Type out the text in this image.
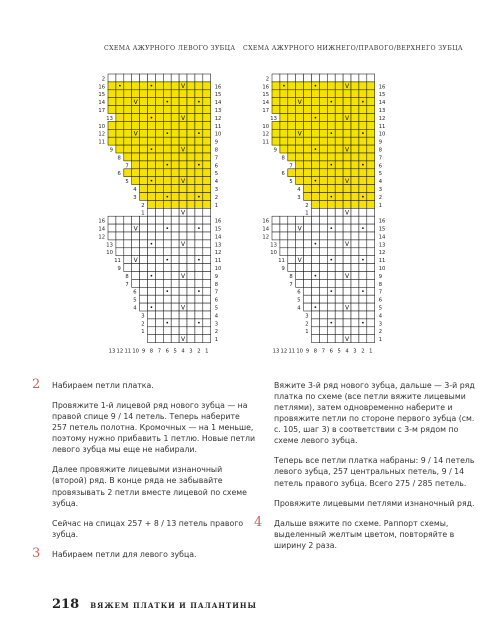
СХЕМА АЖУРНОГО ЛЕВОГО ЗУБЦА СХЕМА АЖУРНОГО НИЖНЕГО/ПРАВОГО/ВЕРХНЕГО ЗУБЦА
2
•	•	V
16	16
15	15
V	•	•
14	14
17	13
•	V
13	12
10	11
V	•	•
12	10
11	9
•	V
9	8
8	7
•	•
7	6
6	5
•	V
5	4
4	3
•	•
3	2
2	1
V
1
16	16
V	•	•
14	15
12	14
•	V
13	13
10	12
V	•	•
11	11
9	10
•	V
8	9
7	8
•	•
6	7
5	6
•	V
4	5
3	4
•	•
2	3
1	2
V	1
13 12 11 10 9 8 7 6 5 4 3 2 1
2
•	•	V
16	16
15	15
V	•	•
14	14
17	13
•	V
13	12
10	11
V	•	•
12	10
11	9
•	V
9	8
8	7
•	•
7	6
6	5
•	V
5	4
4	3
•	•
3	2
2	1
V
1
16	16
V	•	•
14	15
12	14
•	V
13	13
10	12
V	•	•
11	11
9	10
•	V
8	9
7	8
•	•
6	7
5	6
•	V
4	5
3	4
•	•
2	3
1	2
V	1
13 12 11 10 9 8 7 6 5 4 3 2 1
2 Набираем петли платка.
Провяжите 1-й лицевой ряд нового зубца — на правой спице 9 / 14 петель. Теперь наберите 257 петель полотна. Кромочных — на 1 меньше, поэтому нужно прибавить 1 петлю. Новые петли левого зубца мы еще не набирали.
Далее провяжите лицевыми изнаночный (второй) ряд. В конце ряда не забывайте провязывать 2 петли вместе лицевой по схеме зубца.
Сейчас на спицах 257 + 8 / 13 петель правого зубца.
3 Набираем петли для левого зубца.
Вяжите 3-й ряд нового зубца, дальше — 3-й ряд платка по схеме (все петли вяжите лицевыми петлями), затем одновременно наберите и провяжите петли по стороне первого зубца (см. с. 105, шаг 3) в соответствии с 3-м рядом по схеме левого зубца.
Теперь все петли платка набраны: 9 / 14 петель левого зубца, 257 центральных петель, 9 / 14 петель правого зубца. Всего 275 / 285 петель.
Провяжите лицевыми петлями изнаночный ряд.
4 Дальше вяжите по схеме. Раппорт схемы, выделенный желтым цветом, повторяйте в ширину 2 раза.
218 ВЯЖЕМ ПЛАТКИ И ПАЛАНТИНЫ
